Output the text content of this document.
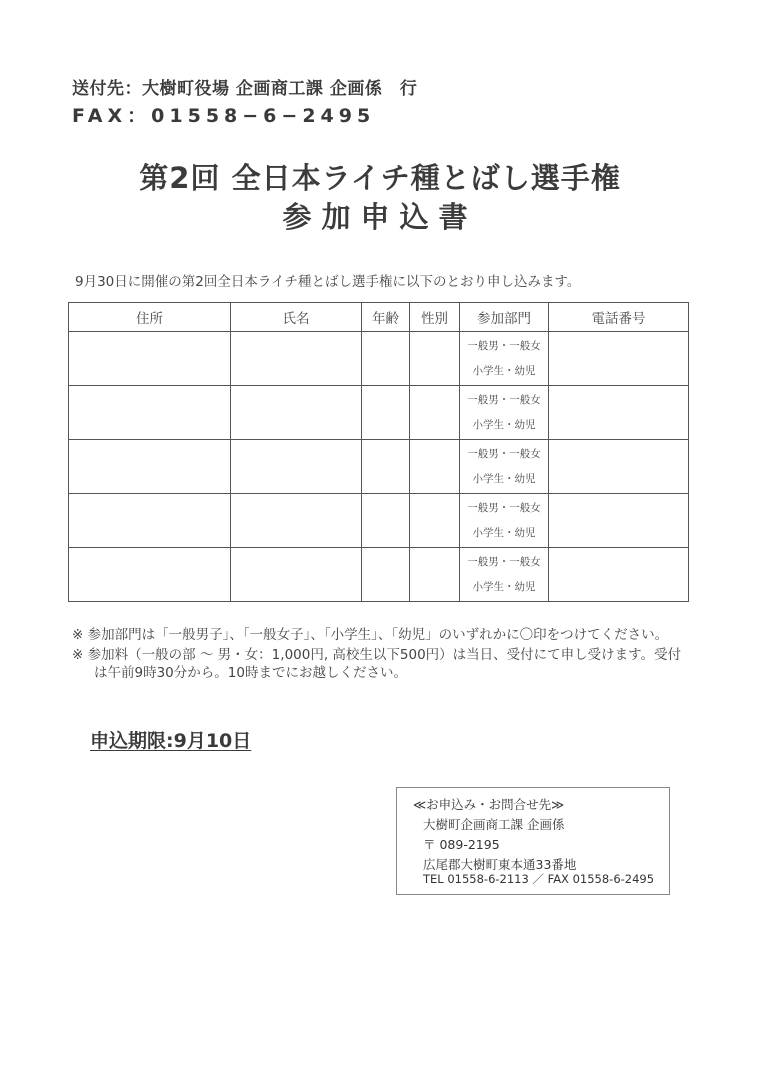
送付先：大樹町役場 企画商工課 企画係　行
FAX：01558−6−2495
第2回 全日本ライチ種とばし選手権
参加申込書
9月30日に開催の第2回全日本ライチ種とばし選手権に以下のとおり申し込みます。
住所	氏名	年齢	性別	参加部門	電話番号

				一般男・一般女
小学生・幼児	

				一般男・一般女
小学生・幼児	

				一般男・一般女
小学生・幼児	

				一般男・一般女
小学生・幼児	

				一般男・一般女
小学生・幼児	

※ 参加部門は「一般男子」、「一般女子」、「小学生」、「幼児」のいずれかに〇印をつけてください。
※ 参加料（一般の部 ～ 男・女：1,000円, 高校生以下500円）は当日、受付にて申し受けます。受付は午前9時30分から。10時までにお越しください。
申込期限:9月10日
≪お申込み・お問合せ先≫
大樹町企画商工課 企画係
〒 089-2195
広尾郡大樹町東本通33番地
TEL 01558-6-2113 ／ FAX 01558-6-2495
